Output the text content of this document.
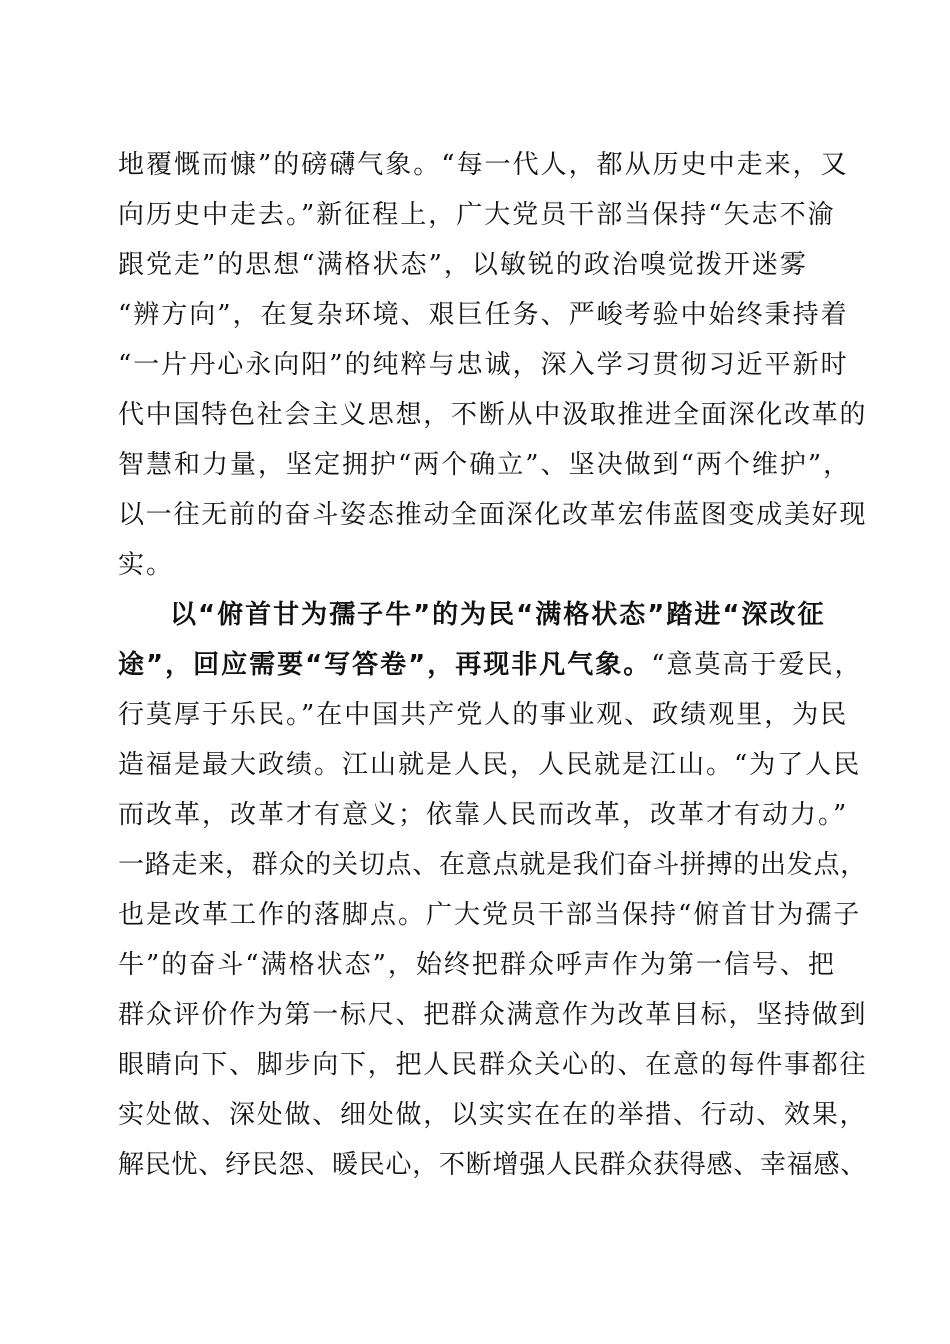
地覆慨而慷”的磅礴气象。“每一代人，都从历史中走来，又
向历史中走去。”新征程上，广大党员干部当保持“矢志不渝
跟党走”的思想“满格状态”，以敏锐的政治嗅觉拨开迷雾
“辨方向”，在复杂环境、艰巨任务、严峻考验中始终秉持着
“一片丹心永向阳”的纯粹与忠诚，深入学习贯彻习近平新时
代中国特色社会主义思想，不断从中汲取推进全面深化改革的
智慧和力量，坚定拥护“两个确立”、坚决做到“两个维护”，
以一往无前的奋斗姿态推动全面深化改革宏伟蓝图变成美好现
实。
以“俯首甘为孺子牛”的为民“满格状态”踏进“深改征
途”，回应需要“写答卷”，再现非凡气象。“意莫高于爱民，
行莫厚于乐民。”在中国共产党人的事业观、政绩观里，为民
造福是最大政绩。江山就是人民，人民就是江山。“为了人民
而改革，改革才有意义；依靠人民而改革，改革才有动力。”
一路走来，群众的关切点、在意点就是我们奋斗拼搏的出发点，
也是改革工作的落脚点。广大党员干部当保持“俯首甘为孺子
牛”的奋斗“满格状态”，始终把群众呼声作为第一信号、把
群众评价作为第一标尺、把群众满意作为改革目标，坚持做到
眼睛向下、脚步向下，把人民群众关心的、在意的每件事都往
实处做、深处做、细处做，以实实在在的举措、行动、效果，
解民忧、纾民怨、暖民心，不断增强人民群众获得感、幸福感、
